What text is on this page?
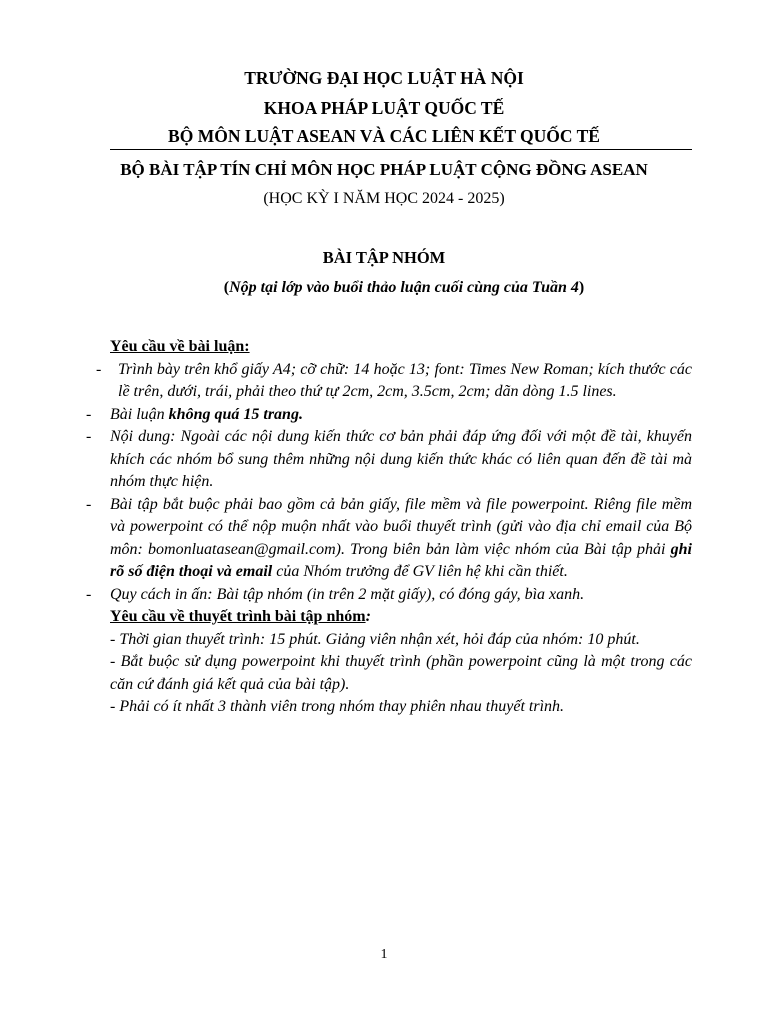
TRƯỜNG ĐẠI HỌC LUẬT HÀ NỘI
KHOA PHÁP LUẬT QUỐC TẾ
BỘ MÔN LUẬT ASEAN VÀ CÁC LIÊN KẾT QUỐC TẾ
BỘ BÀI TẬP TÍN CHỈ MÔN HỌC PHÁP LUẬT CỘNG ĐỒNG ASEAN
(HỌC KỲ I NĂM HỌC 2024 - 2025)
BÀI TẬP NHÓM
(Nộp tại lớp vào buổi thảo luận cuối cùng của Tuần 4)
Yêu cầu về bài luận:
- Trình bày trên khổ giấy A4; cỡ chữ: 14 hoặc 13; font: Times New Roman; kích thước các lề trên, dưới, trái, phải theo thứ tự 2cm, 2cm, 3.5cm, 2cm; dãn dòng 1.5 lines.
- Bài luận không quá 15 trang.
- Nội dung: Ngoài các nội dung kiến thức cơ bản phải đáp ứng đối với một đề tài, khuyến khích các nhóm bổ sung thêm những nội dung kiến thức khác có liên quan đến đề tài mà nhóm thực hiện.
- Bài tập bắt buộc phải bao gồm cả bản giấy, file mềm và file powerpoint. Riêng file mềm và powerpoint có thể nộp muộn nhất vào buổi thuyết trình (gửi vào địa chỉ email của Bộ môn: bomonluatasean@gmail.com). Trong biên bản làm việc nhóm của Bài tập phải ghi rõ số điện thoại và email của Nhóm trưởng để GV liên hệ khi cần thiết.
- Quy cách in ấn: Bài tập nhóm (in trên 2 mặt giấy), có đóng gáy, bìa xanh.
Yêu cầu về thuyết trình bài tập nhóm:
- Thời gian thuyết trình: 15 phút. Giảng viên nhận xét, hỏi đáp của nhóm: 10 phút.
- Bắt buộc sử dụng powerpoint khi thuyết trình (phần powerpoint cũng là một trong các căn cứ đánh giá kết quả của bài tập).
- Phải có ít nhất 3 thành viên trong nhóm thay phiên nhau thuyết trình.
1
